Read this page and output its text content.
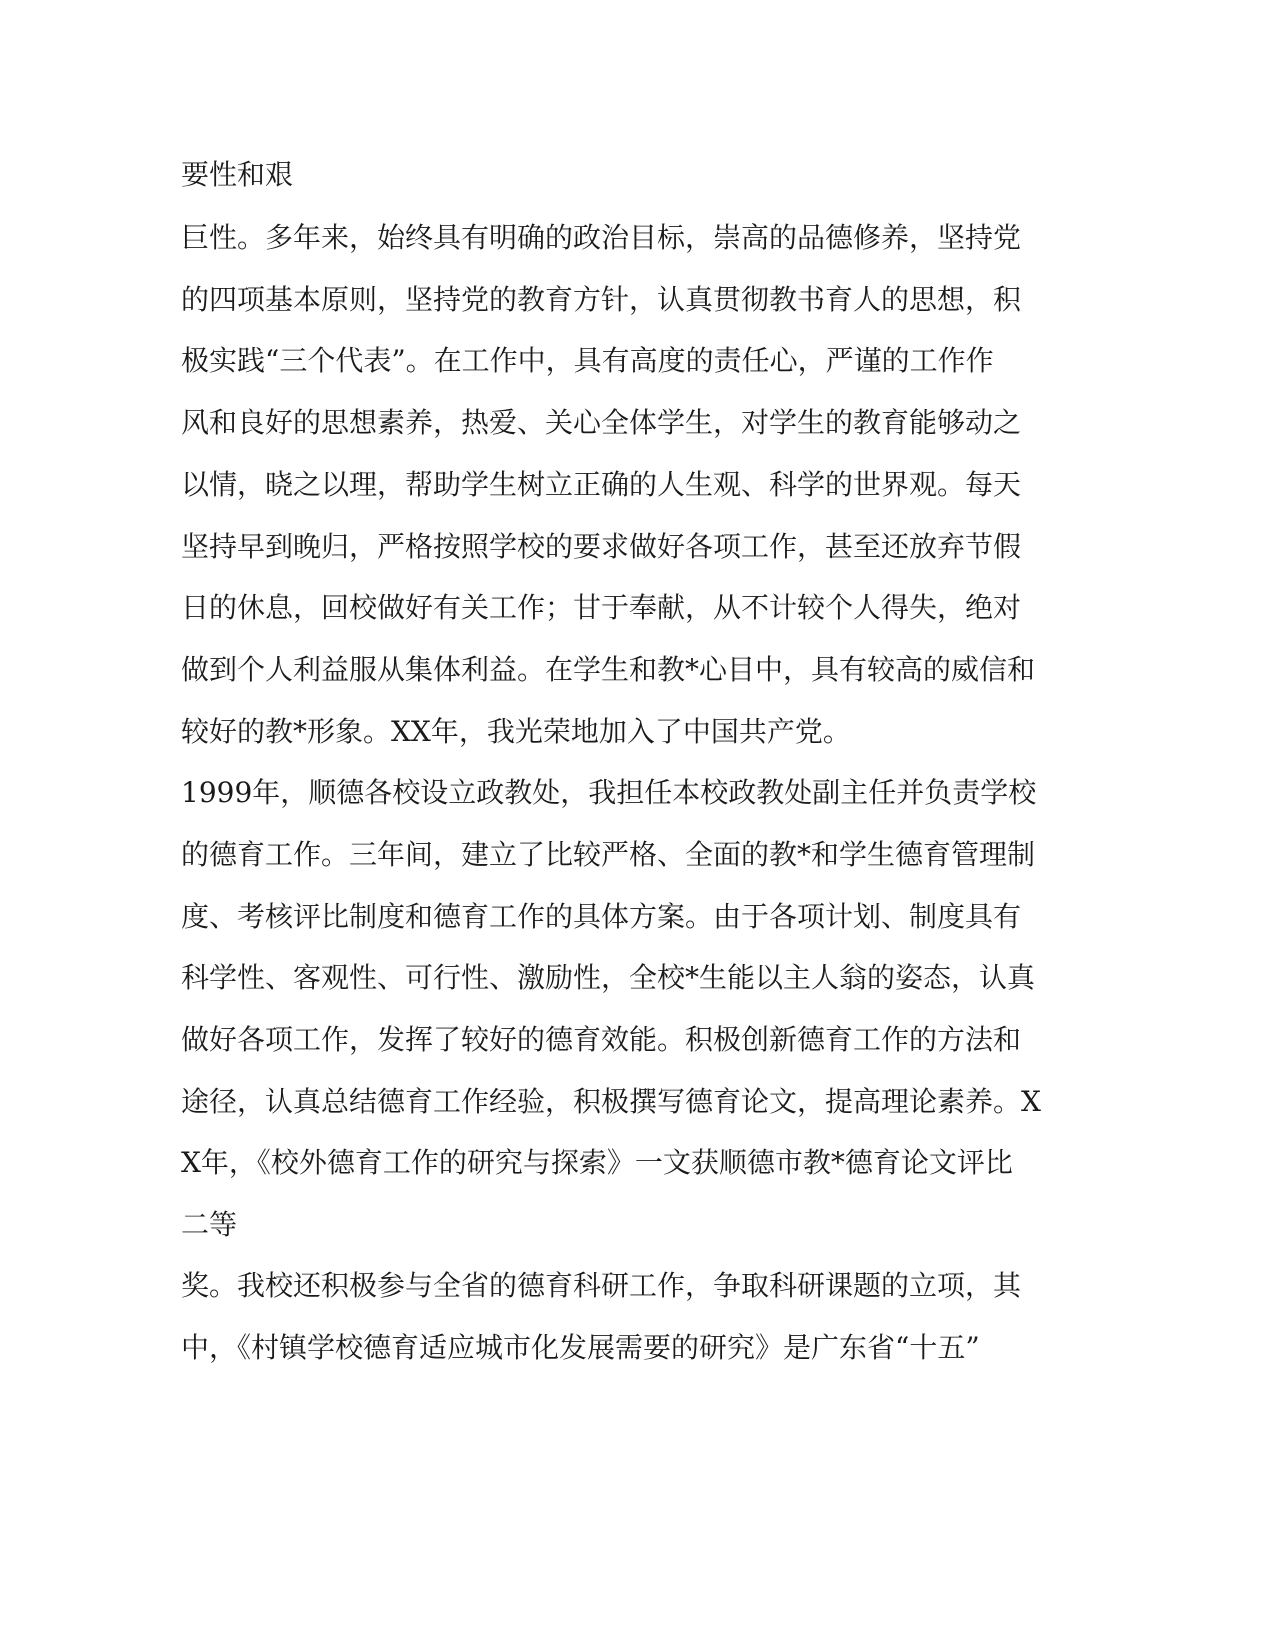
要性和艰
巨性。多年来，始终具有明确的政治目标，崇高的品德修养，坚持党
的四项基本原则，坚持党的教育方针，认真贯彻教书育人的思想，积
极实践“三个代表”。在工作中，具有高度的责任心，严谨的工作作
风和良好的思想素养，热爱、关心全体学生，对学生的教育能够动之
以情，晓之以理，帮助学生树立正确的人生观、科学的世界观。每天
坚持早到晚归，严格按照学校的要求做好各项工作，甚至还放弃节假
日的休息，回校做好有关工作；甘于奉献，从不计较个人得失，绝对
做到个人利益服从集体利益。在学生和教*心目中，具有较高的威信和
较好的教*形象。XX年，我光荣地加入了中国共产党。
1999年，顺德各校设立政教处，我担任本校政教处副主任并负责学校
的德育工作。三年间，建立了比较严格、全面的教*和学生德育管理制
度、考核评比制度和德育工作的具体方案。由于各项计划、制度具有
科学性、客观性、可行性、激励性，全校*生能以主人翁的姿态，认真
做好各项工作，发挥了较好的德育效能。积极创新德育工作的方法和
途径，认真总结德育工作经验，积极撰写德育论文，提高理论素养。X
X年，《校外德育工作的研究与探索》一文获顺德市教*德育论文评比
二等
奖。我校还积极参与全省的德育科研工作，争取科研课题的立项，其
中，《村镇学校德育适应城市化发展需要的研究》是广东省“十五”
